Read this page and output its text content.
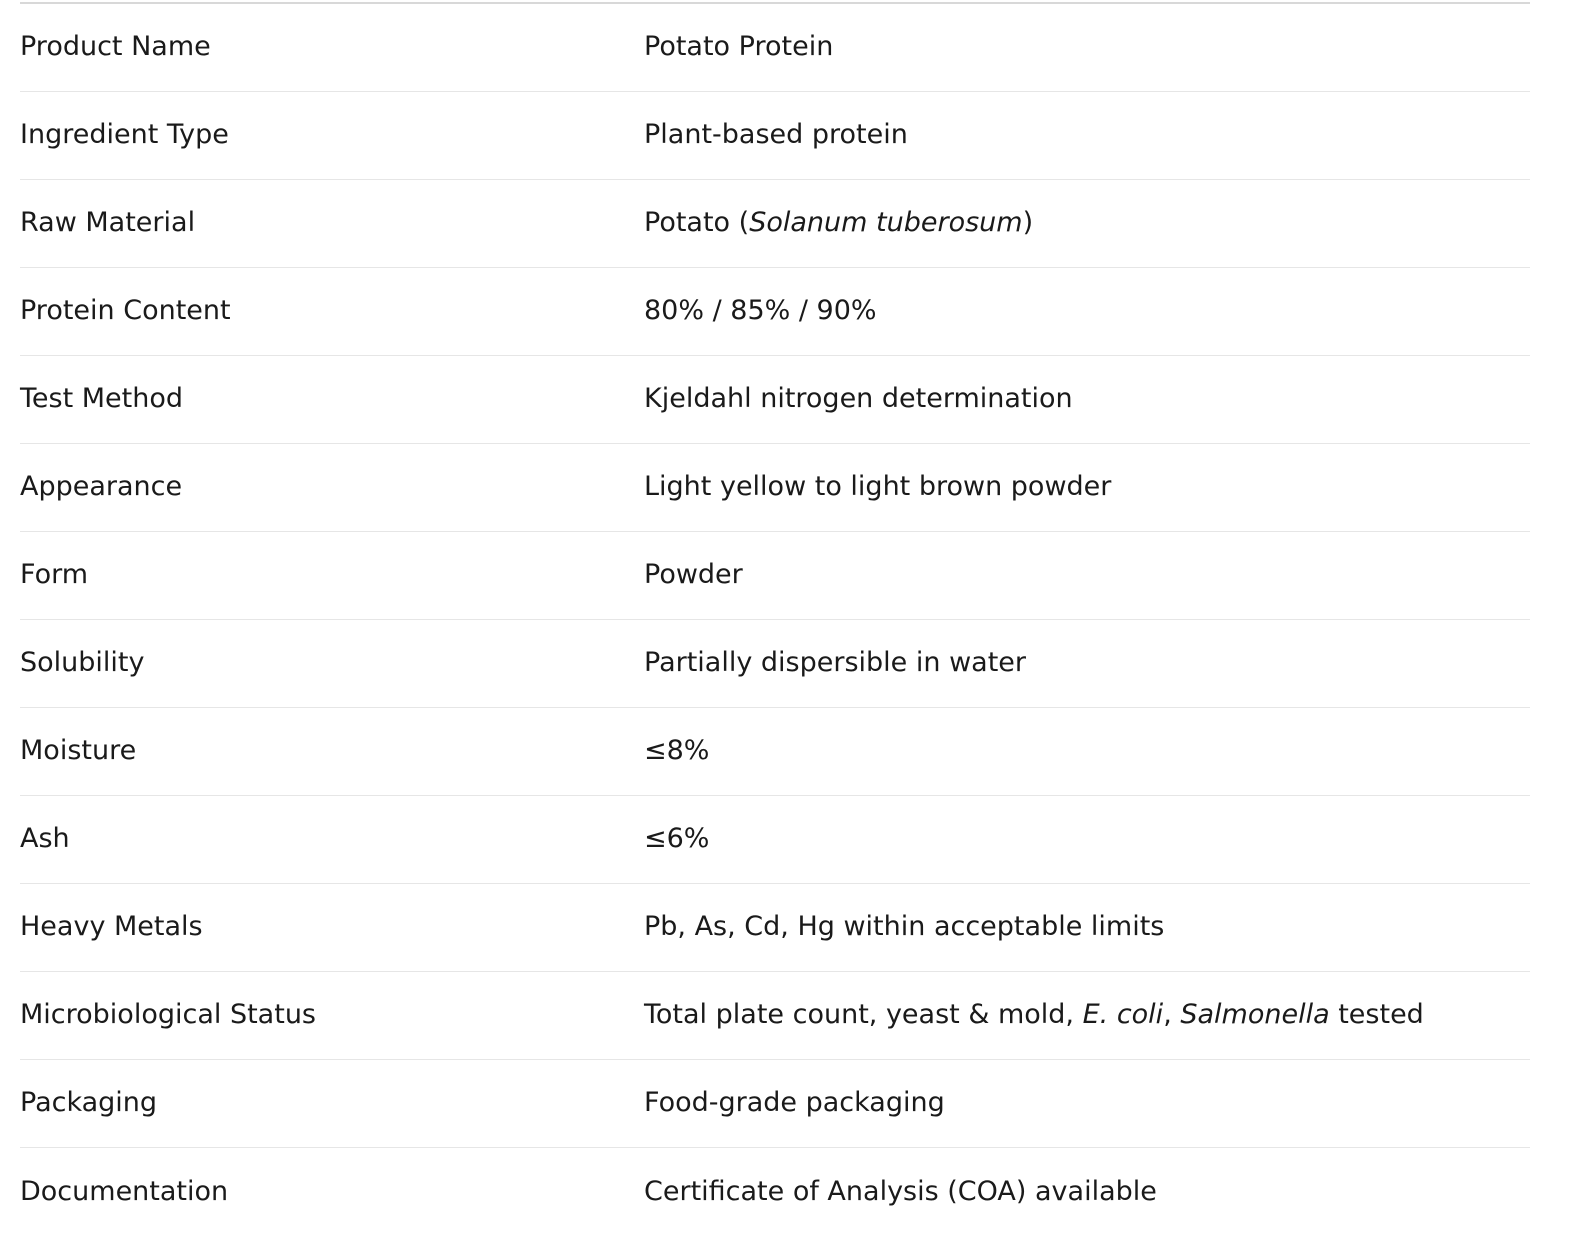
Product Name	Potato Protein
Ingredient Type	Plant-based protein
Raw Material	Potato (Solanum tuberosum)
Protein Content	80% / 85% / 90%
Test Method	Kjeldahl nitrogen determination
Appearance	Light yellow to light brown powder
Form	Powder
Solubility	Partially dispersible in water
Moisture	≤8%
Ash	≤6%
Heavy Metals	Pb, As, Cd, Hg within acceptable limits
Microbiological Status	Total plate count, yeast & mold, E. coli, Salmonella tested
Packaging	Food-grade packaging
Documentation	Certificate of Analysis (COA) available
